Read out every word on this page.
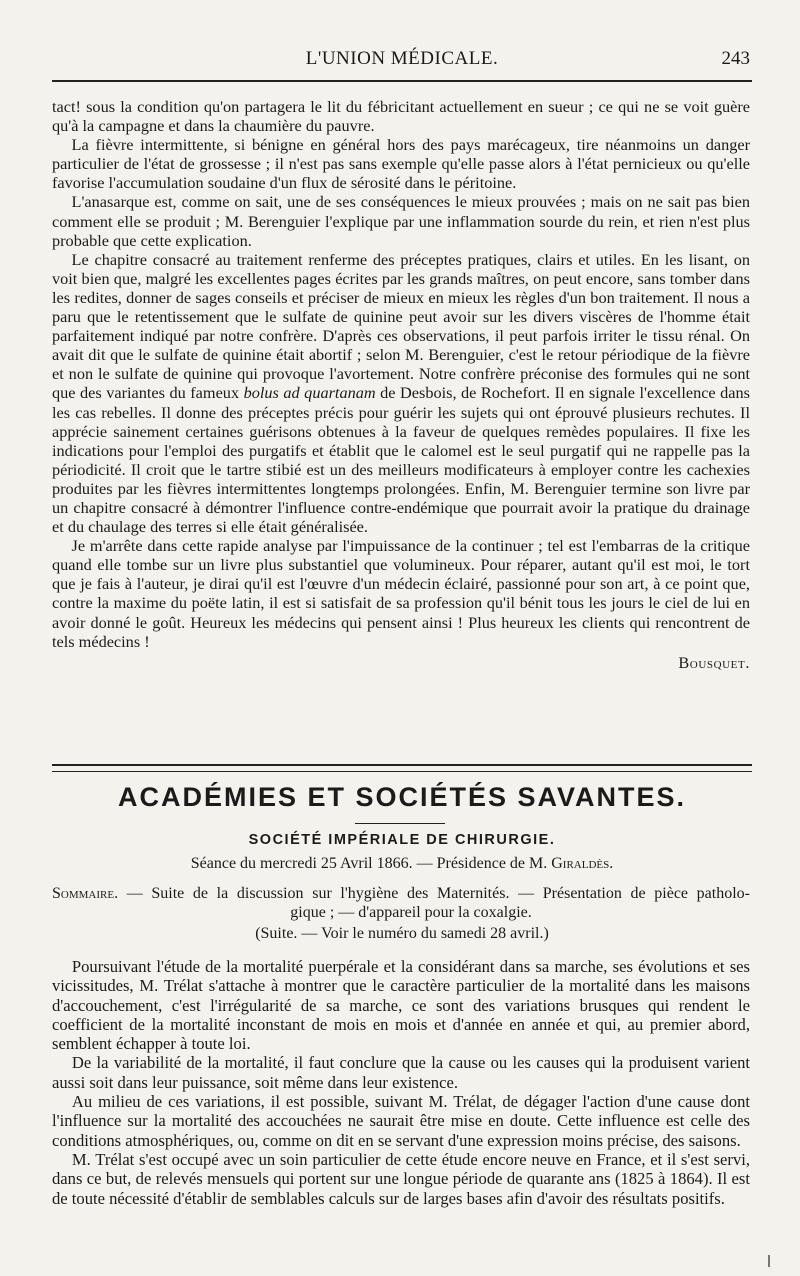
L'UNION MÉDICALE.	243

tact! sous la condition qu'on partagera le lit du fébricitant actuellement en sueur ; ce qui ne se voit guère qu'à la campagne et dans la chaumière du pauvre.

La fièvre intermittente, si bénigne en général hors des pays marécageux, tire néanmoins un danger particulier de l'état de grossesse ; il n'est pas sans exemple qu'elle passe alors à l'état pernicieux ou qu'elle favorise l'accumulation soudaine d'un flux de sérosité dans le péritoine.

L'anasarque est, comme on sait, une de ses conséquences le mieux prouvées ; mais on ne sait pas bien comment elle se produit ; M. Berenguier l'explique par une inflammation sourde du rein, et rien n'est plus probable que cette explication.

Le chapitre consacré au traitement renferme des préceptes pratiques, clairs et utiles. En les lisant, on voit bien que, malgré les excellentes pages écrites par les grands maîtres, on peut encore, sans tomber dans les redites, donner de sages conseils et préciser de mieux en mieux les règles d'un bon traitement. Il nous a paru que le retentissement que le sulfate de quinine peut avoir sur les divers viscères de l'homme était parfaitement indiqué par notre confrère. D'après ces observations, il peut parfois irriter le tissu rénal. On avait dit que le sulfate de quinine était abortif ; selon M. Berenguier, c'est le retour périodique de la fièvre et non le sulfate de quinine qui provoque l'avortement. Notre confrère préconise des formules qui ne sont que des variantes du fameux bolus ad quartanam de Desbois, de Rochefort. Il en signale l'excellence dans les cas rebelles. Il donne des préceptes précis pour guérir les sujets qui ont éprouvé plusieurs rechutes. Il apprécie sainement certaines guérisons obtenues à la faveur de quelques remèdes populaires. Il fixe les indications pour l'emploi des purgatifs et établit que le calomel est le seul purgatif qui ne rappelle pas la périodicité. Il croit que le tartre stibié est un des meilleurs modificateurs à employer contre les cachexies produites par les fièvres intermittentes longtemps prolongées. Enfin, M. Berenguier termine son livre par un chapitre consacré à démontrer l'influence contre-endémique que pourrait avoir la pratique du drainage et du chaulage des terres si elle était généralisée.

Je m'arrête dans cette rapide analyse par l'impuissance de la continuer ; tel est l'embarras de la critique quand elle tombe sur un livre plus substantiel que volumineux. Pour réparer, autant qu'il est moi, le tort que je fais à l'auteur, je dirai qu'il est l'œuvre d'un médecin éclairé, passionné pour son art, à ce point que, contre la maxime du poëte latin, il est si satisfait de sa profession qu'il bénit tous les jours le ciel de lui en avoir donné le goût. Heureux les médecins qui pensent ainsi ! Plus heureux les clients qui rencontrent de tels médecins !

Bousquet.
ACADÉMIES ET SOCIÉTÉS SAVANTES.
SOCIÉTÉ IMPÉRIALE DE CHIRURGIE.
Séance du mercredi 25 Avril 1866. — Présidence de M. Giraldès.
Sommaire. — Suite de la discussion sur l'hygiène des Maternités. — Présentation de pièce patholo-
gique ; — d'appareil pour la coxalgie.
(Suite. — Voir le numéro du samedi 28 avril.)

Poursuivant l'étude de la mortalité puerpérale et la considérant dans sa marche, ses évolutions et ses vicissitudes, M. Trélat s'attache à montrer que le caractère particulier de la mortalité dans les maisons d'accouchement, c'est l'irrégularité de sa marche, ce sont des variations brusques qui rendent le coefficient de la mortalité inconstant de mois en mois et d'année en année et qui, au premier abord, semblent échapper à toute loi.

De la variabilité de la mortalité, il faut conclure que la cause ou les causes qui la produisent varient aussi soit dans leur puissance, soit même dans leur existence.

Au milieu de ces variations, il est possible, suivant M. Trélat, de dégager l'action d'une cause dont l'influence sur la mortalité des accouchées ne saurait être mise en doute. Cette influence est celle des conditions atmosphériques, ou, comme on dit en se servant d'une expression moins précise, des saisons.

M. Trélat s'est occupé avec un soin particulier de cette étude encore neuve en France, et il s'est servi, dans ce but, de relevés mensuels qui portent sur une longue période de quarante ans (1825 à 1864). Il est de toute nécessité d'établir de semblables calculs sur de larges bases afin d'avoir des résultats positifs.
